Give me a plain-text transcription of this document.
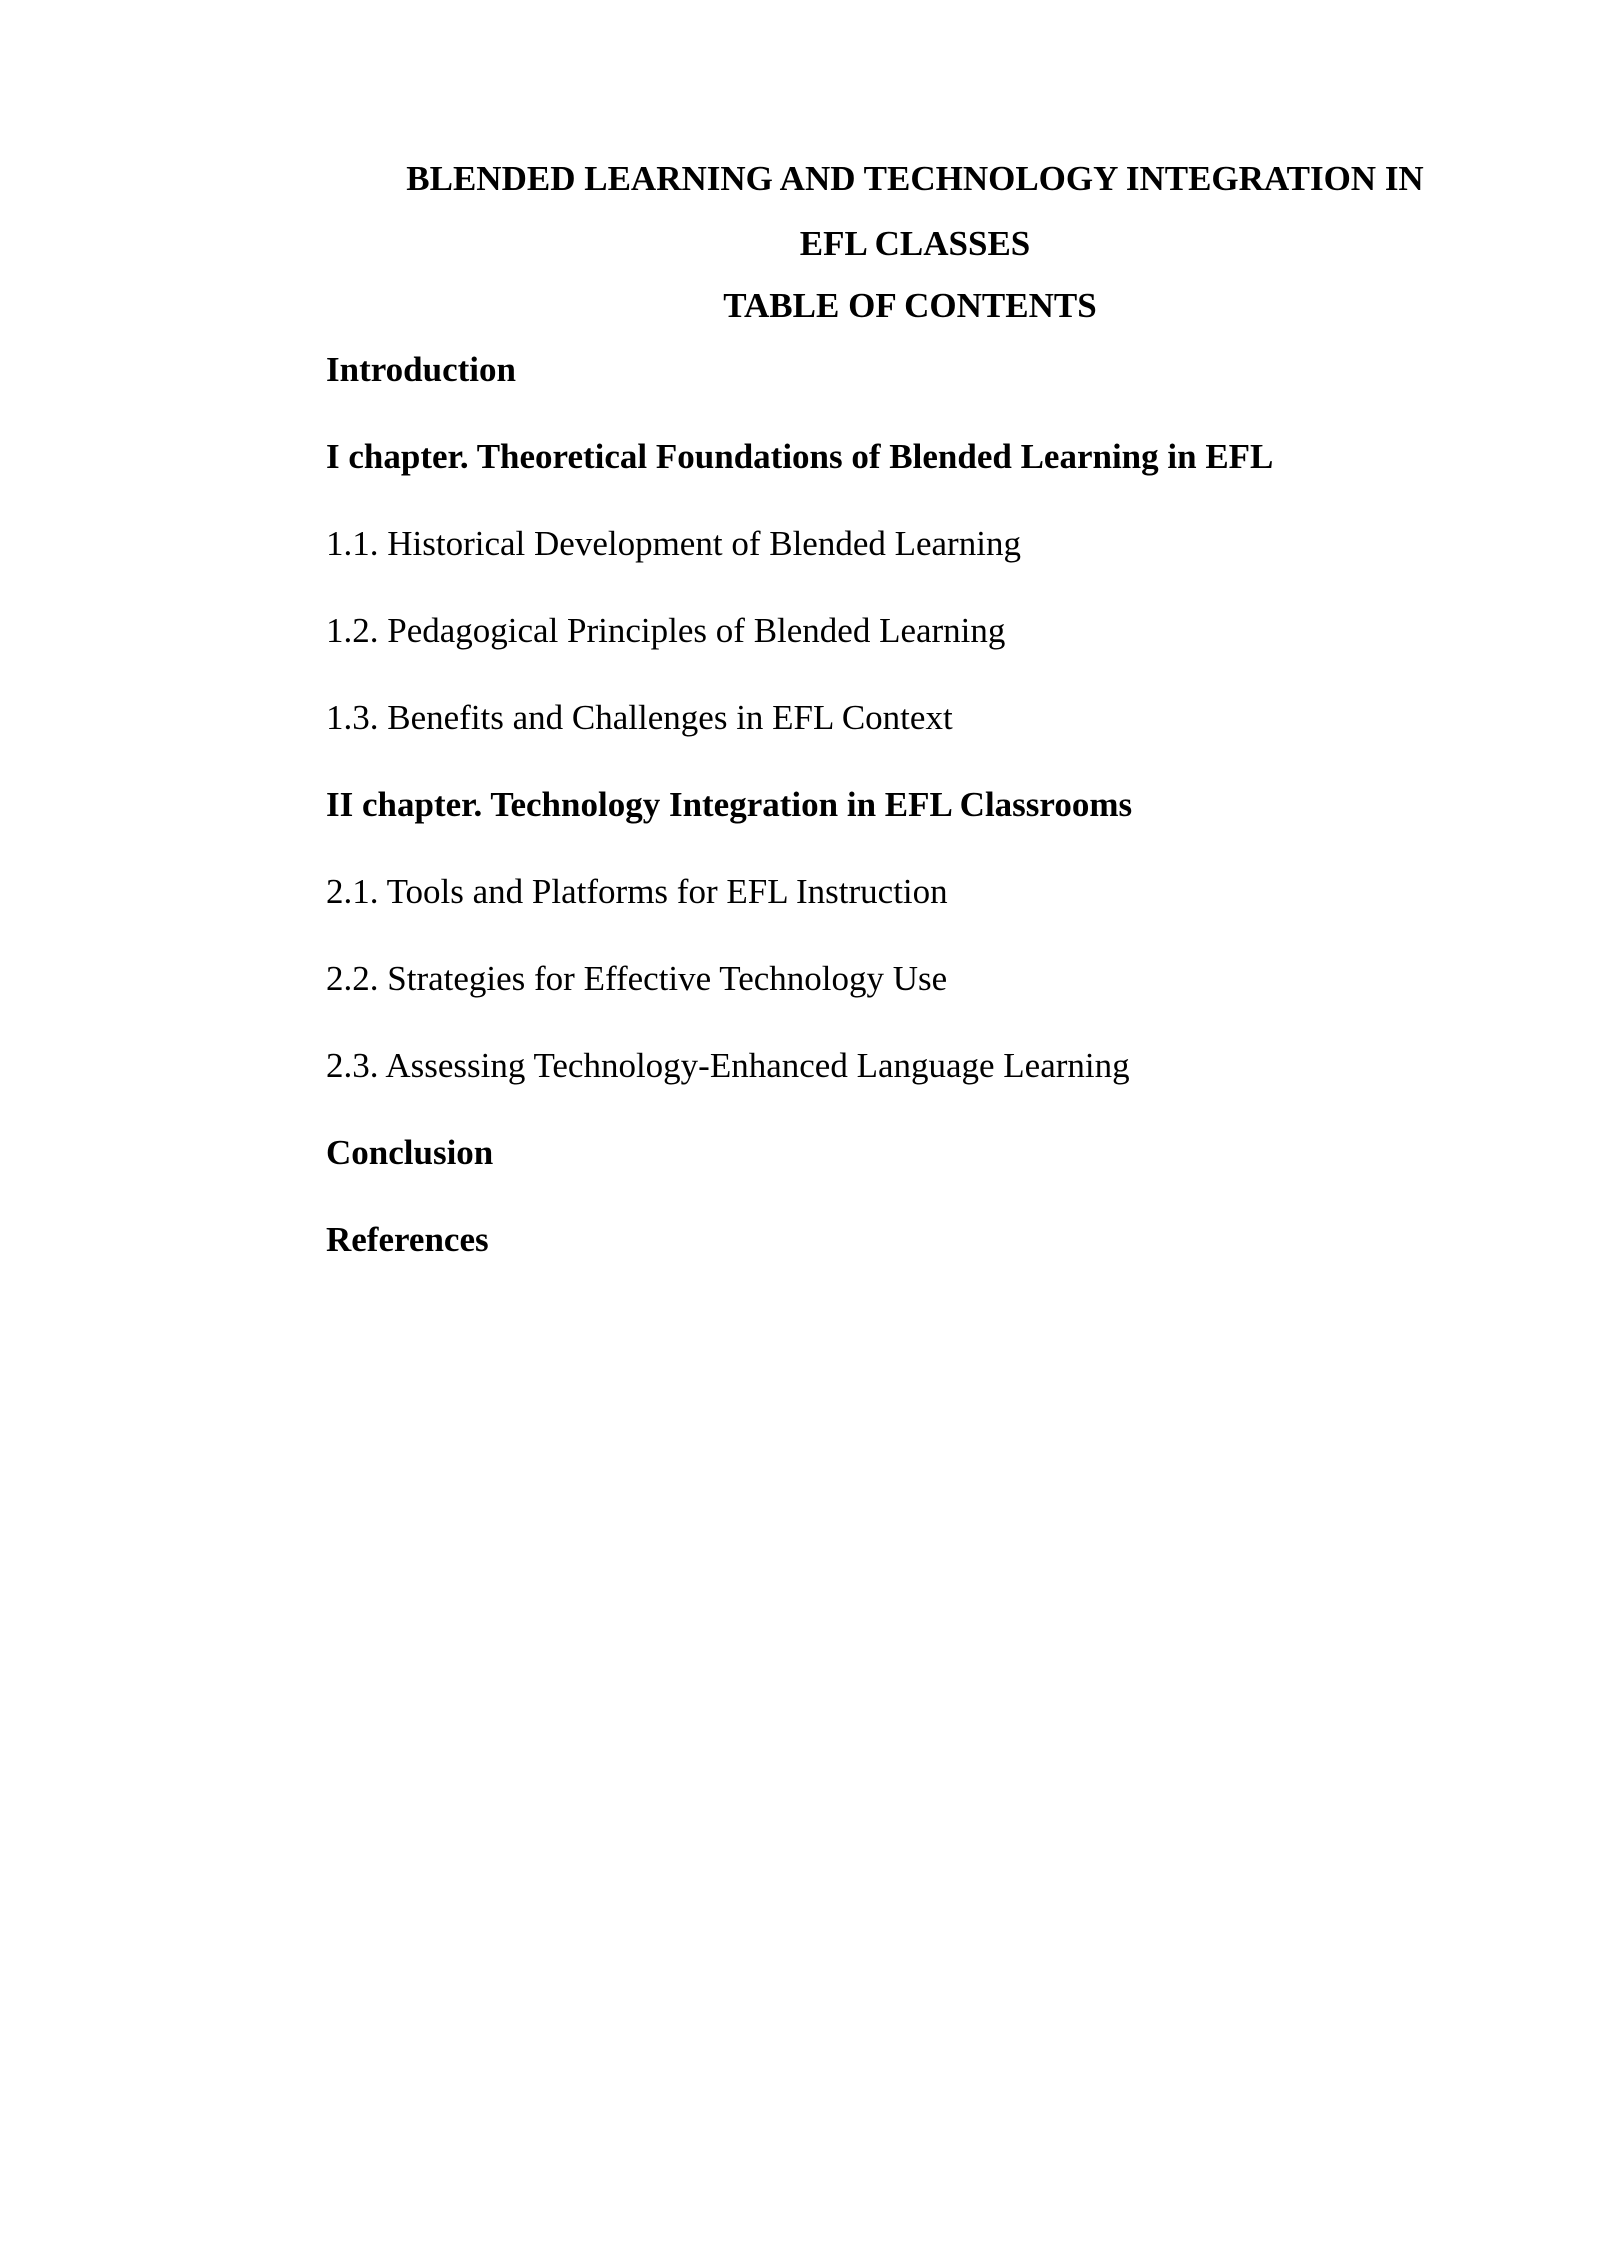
BLENDED LEARNING AND TECHNOLOGY INTEGRATION IN
EFL CLASSES
TABLE OF CONTENTS
Introduction
I chapter. Theoretical Foundations of Blended Learning in EFL
1.1. Historical Development of Blended Learning
1.2. Pedagogical Principles of Blended Learning
1.3. Benefits and Challenges in EFL Context
II chapter. Technology Integration in EFL Classrooms
2.1. Tools and Platforms for EFL Instruction
2.2. Strategies for Effective Technology Use
2.3. Assessing Technology-Enhanced Language Learning
Conclusion
References
